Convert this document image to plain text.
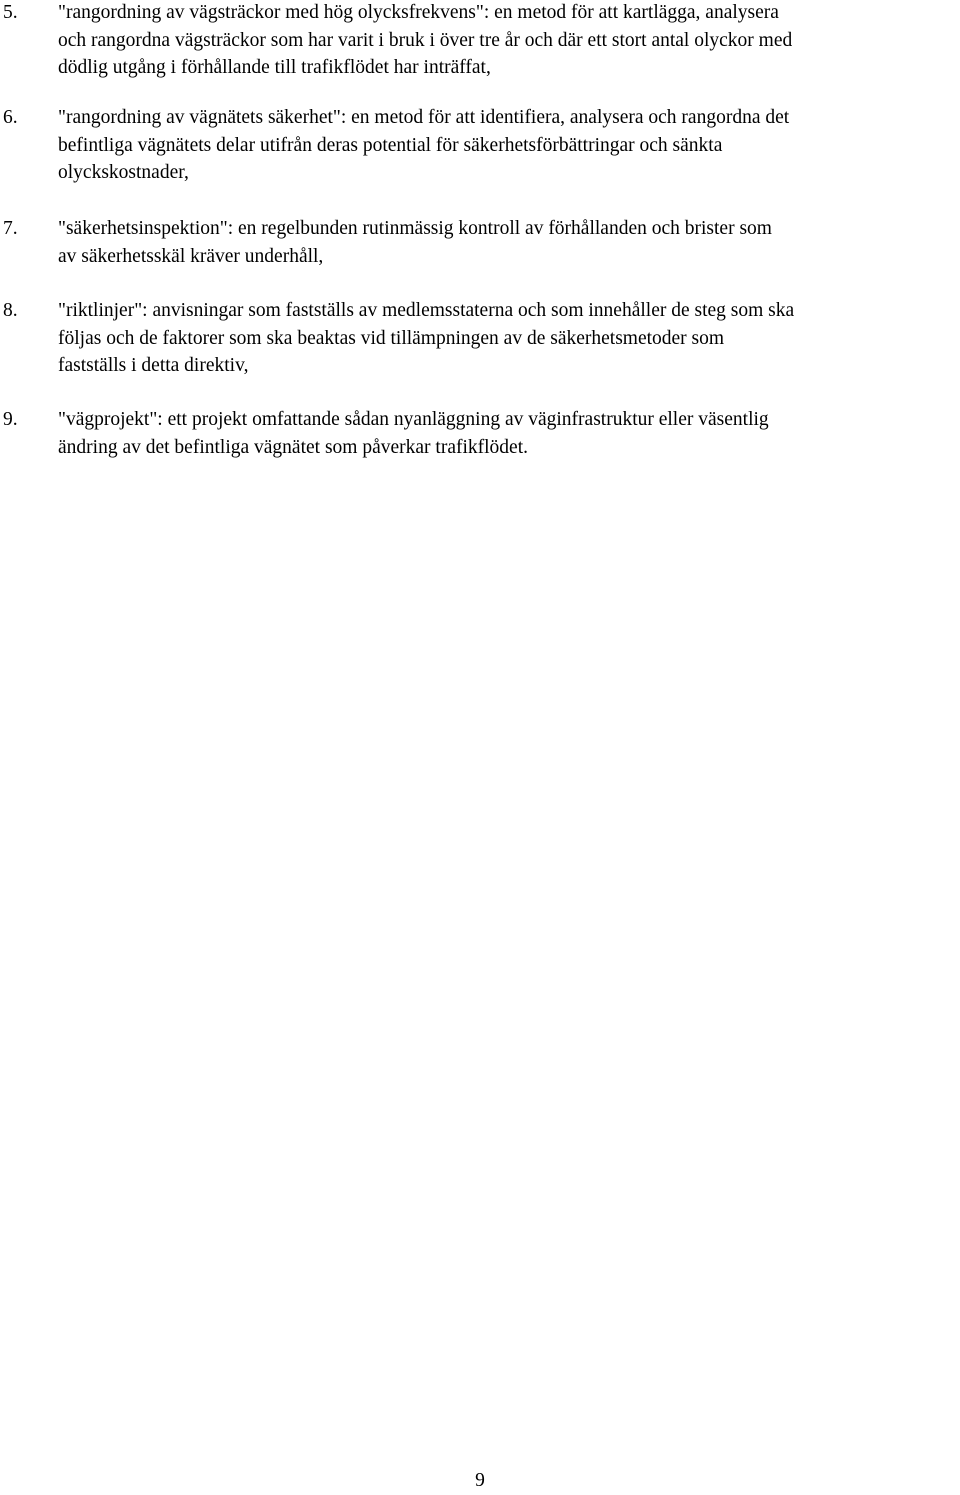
5. "rangordning av vägsträckor med hög olycksfrekvens": en metod för att kartlägga, analysera
och rangordna vägsträckor som har varit i bruk i över tre år och där ett stort antal olyckor med
dödlig utgång i förhållande till trafikflödet har inträffat,
6. "rangordning av vägnätets säkerhet": en metod för att identifiera, analysera och rangordna det
befintliga vägnätets delar utifrån deras potential för säkerhetsförbättringar och sänkta
olyckskostnader,
7. "säkerhetsinspektion": en regelbunden rutinmässig kontroll av förhållanden och brister som
av säkerhetsskäl kräver underhåll,
8. "riktlinjer": anvisningar som fastställs av medlemsstaterna och som innehåller de steg som ska
följas och de faktorer som ska beaktas vid tillämpningen av de säkerhetsmetoder som
fastställs i detta direktiv,
9. "vägprojekt": ett projekt omfattande sådan nyanläggning av väginfrastruktur eller väsentlig
ändring av det befintliga vägnätet som påverkar trafikflödet.
9
